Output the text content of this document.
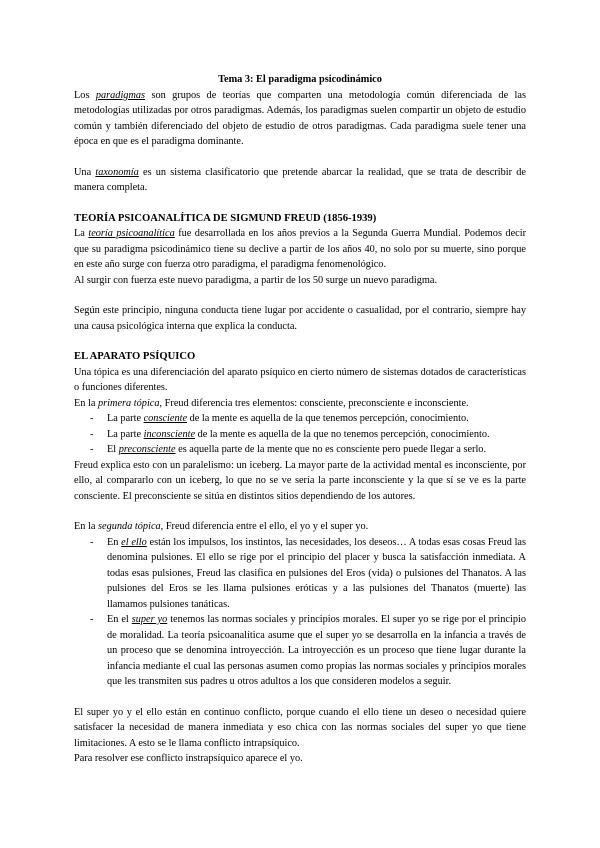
Tema 3: El paradigma psicodinámico

Los paradigmas son grupos de teorías que comparten una metodología común diferenciada de las metodologías utilizadas por otros paradigmas. Además, los paradigmas suelen compartir un objeto de estudio común y también diferenciado del objeto de estudio de otros paradigmas. Cada paradigma suele tener una época en que es el paradigma dominante.

Una taxonomía es un sistema clasificatorio que pretende abarcar la realidad, que se trata de describir de manera completa.

TEORÍA PSICOANALÍTICA DE SIGMUND FREUD (1856-1939)

La teoría psicoanalítica fue desarrollada en los años previos a la Segunda Guerra Mundial. Podemos decir que su paradigma psicodinámico tiene su declive a partir de los años 40, no solo por su muerte, sino porque en este año surge con fuerza otro paradigma, el paradigma fenomenológico.

Al surgir con fuerza este nuevo paradigma, a partir de los 50 surge un nuevo paradigma.

Según este principio, ninguna conducta tiene lugar por accidente o casualidad, por el contrario, siempre hay una causa psicológica interna que explica la conducta.

EL APARATO PSÍQUICO

Una tópica es una diferenciación del aparato psíquico en cierto número de sistemas dotados de características o funciones diferentes.

En la primera tópica, Freud diferencia tres elementos: consciente, preconsciente e inconsciente.

- La parte consciente de la mente es aquella de la que tenemos percepción, conocimiento.
- La parte inconsciente de la mente es aquella de la que no tenemos percepción, conocimiento.
- El preconsciente es aquella parte de la mente que no es consciente pero puede llegar a serlo.

Freud explica esto con un paralelismo: un iceberg. La mayor parte de la actividad mental es inconsciente, por ello, al compararlo con un iceberg, lo que no se ve sería la parte inconsciente y la que sí se ve es la parte consciente. El preconsciente se sitúa en distintos sitios dependiendo de los autores.

En la segunda tópica, Freud diferencia entre el ello, el yo y el super yo.

- En el ello están los impulsos, los instintos, las necesidades, los deseos… A todas esas cosas Freud las denomina pulsiones. El ello se rige por el principio del placer y busca la satisfacción inmediata. A todas esas pulsiones, Freud las clasifica en pulsiones del Eros (vida) o pulsiones del Thanatos. A las pulsiones del Eros se les llama pulsiones eróticas y a las pulsiones del Thanatos (muerte) las llamamos pulsiones tanáticas.
- En el super yo tenemos las normas sociales y principios morales. El super yo se rige por el principio de moralidad. La teoría psicoanalítica asume que el super yo se desarrolla en la infancia a través de un proceso que se denomina introyección. La introyección es un proceso que tiene lugar durante la infancia mediante el cual las personas asumen como propias las normas sociales y principios morales que les transmiten sus padres u otros adultos a los que consideren modelos a seguir.

El super yo y el ello están en continuo conflicto, porque cuando el ello tiene un deseo o necesidad quiere satisfacer la necesidad de manera inmediata y eso chica con las normas sociales del super yo que tiene limitaciones. A esto se le llama conflicto intrapsíquico.

Para resolver ese conflicto instrapsíquico aparece el yo.
